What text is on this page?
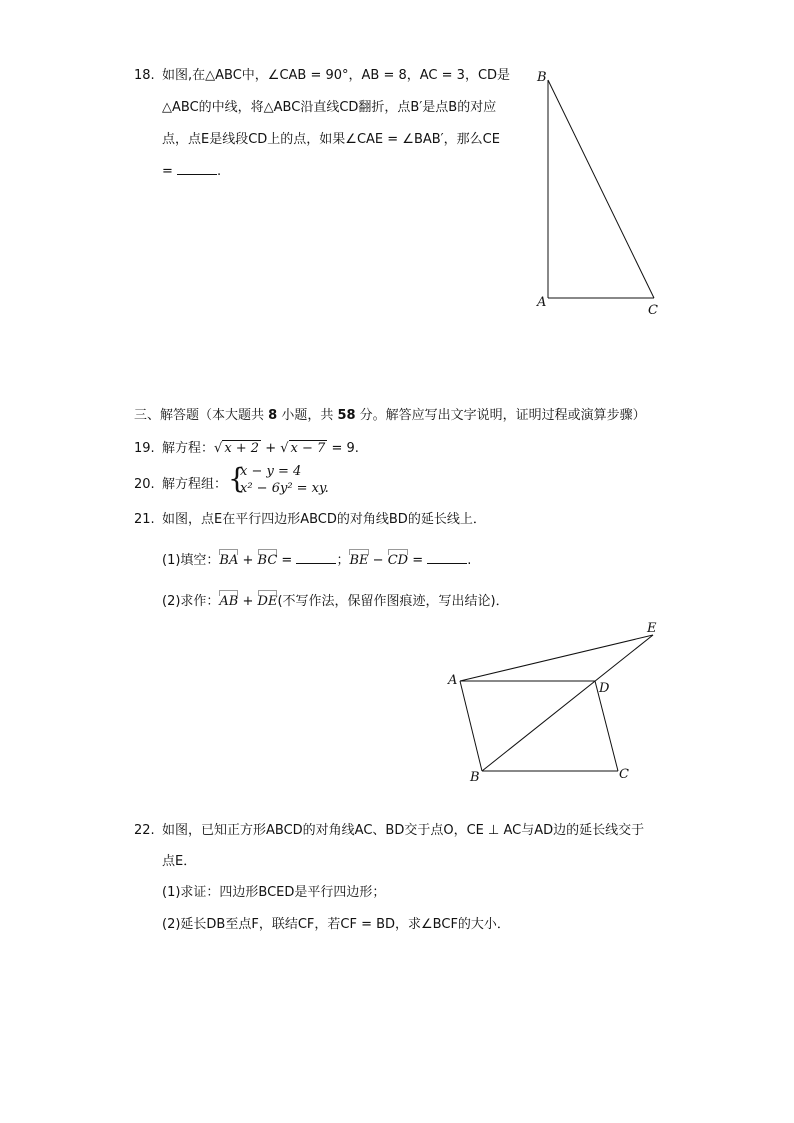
18. 如图,在△ABC中，∠CAB = 90°，AB = 8，AC = 3，CD是
△ABC的中线，将△ABC沿直线CD翻折，点B′是点B的对应
点，点E是线段CD上的点，如果∠CAE = ∠BAB′，那么CE
=	.
B
A
C
三、解答题（本大题共 8 小题，共 58 分。解答应写出文字说明，证明过程或演算步骤）
19. 解方程：√ x + 2 + √ x − 7 = 9.
20. 解方程组： {
x − y = 4
x² − 6y² = xy.
21. 如图，点E在平行四边形ABCD的对角线BD的延长线上．
(1)填空：BA + BC =	；BE − CD =	.
(2)求作：AB + DE(不写作法，保留作图痕迹，写出结论)．
A
B	C
D
E
22. 如图，已知正方形ABCD的对角线AC、BD交于点O，CE ⊥ AC与AD边的延长线交于
点E．
(1)求证：四边形BCED是平行四边形；
(2)延长DB至点F，联结CF，若CF = BD，求∠BCF的大小．
